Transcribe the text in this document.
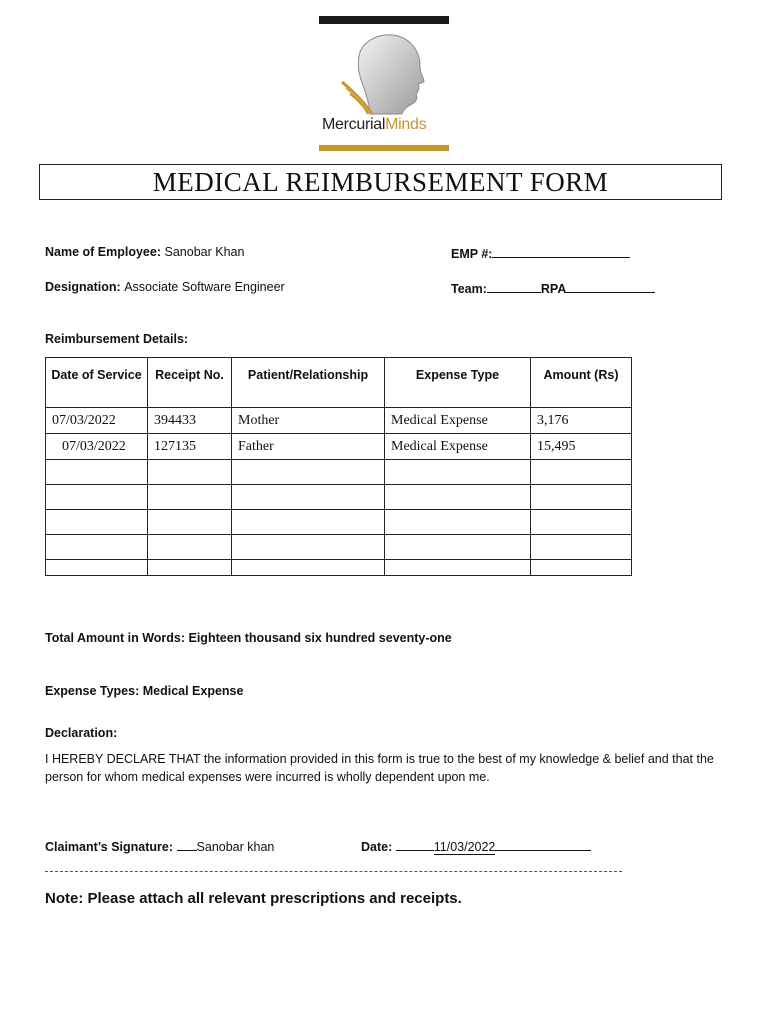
MercurialMinds
MEDICAL REIMBURSEMENT FORM
Name of Employee: Sanobar Khan	EMP #:
Designation: Associate Software Engineer	Team:	RPA
Reimbursement Details:
Date of Service	Receipt No.	Patient/Relationship	Expense Type	Amount (Rs)
07/03/2022	394433	Mother	Medical Expense	3,176
07/03/2022	127135	Father	Medical Expense	15,495

Total Amount in Words: Eighteen thousand six hundred seventy-one
Expense Types: Medical Expense
Declaration:
I HEREBY DECLARE THAT the information provided in this form is true to the best of my knowledge & belief and that the person for whom medical expenses were incurred is wholly dependent upon me.
Claimant’s Signature: Sanobar khan	Date:	11/03/2022
Note: Please attach all relevant prescriptions and receipts.
